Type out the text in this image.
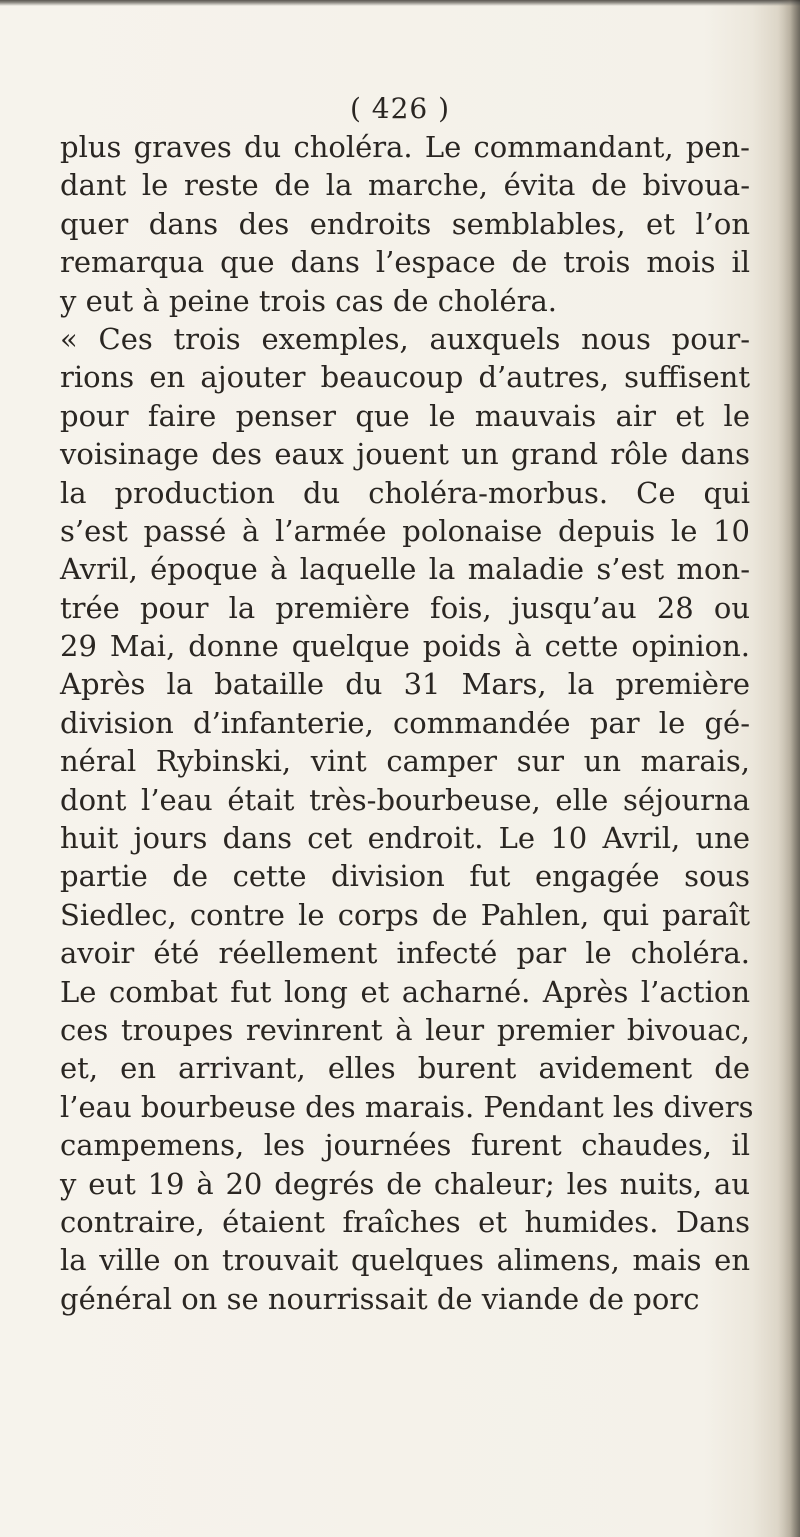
( 426 )
plus graves du choléra. Le commandant, pen-
dant le reste de la marche, évita de bivoua-
quer dans des endroits semblables, et l’on
remarqua que dans l’espace de trois mois il
y eut à peine trois cas de choléra.
« Ces trois exemples, auxquels nous pour-
rions en ajouter beaucoup d’autres, suffisent
pour faire penser que le mauvais air et le
voisinage des eaux jouent un grand rôle dans
la production du choléra-morbus. Ce qui
s’est passé à l’armée polonaise depuis le 10
Avril, époque à laquelle la maladie s’est mon-
trée pour la première fois, jusqu’au 28 ou
29 Mai, donne quelque poids à cette opinion.
Après la bataille du 31 Mars, la première
division d’infanterie, commandée par le gé-
néral Rybinski, vint camper sur un marais,
dont l’eau était très-bourbeuse, elle séjourna
huit jours dans cet endroit. Le 10 Avril, une
partie de cette division fut engagée sous
Siedlec, contre le corps de Pahlen, qui paraît
avoir été réellement infecté par le choléra.
Le combat fut long et acharné. Après l’action
ces troupes revinrent à leur premier bivouac,
et, en arrivant, elles burent avidement de
l’eau bourbeuse des marais. Pendant les divers
campemens, les journées furent chaudes, il
y eut 19 à 20 degrés de chaleur; les nuits, au
contraire, étaient fraîches et humides. Dans
la ville on trouvait quelques alimens, mais en
général on se nourrissait de viande de porc
